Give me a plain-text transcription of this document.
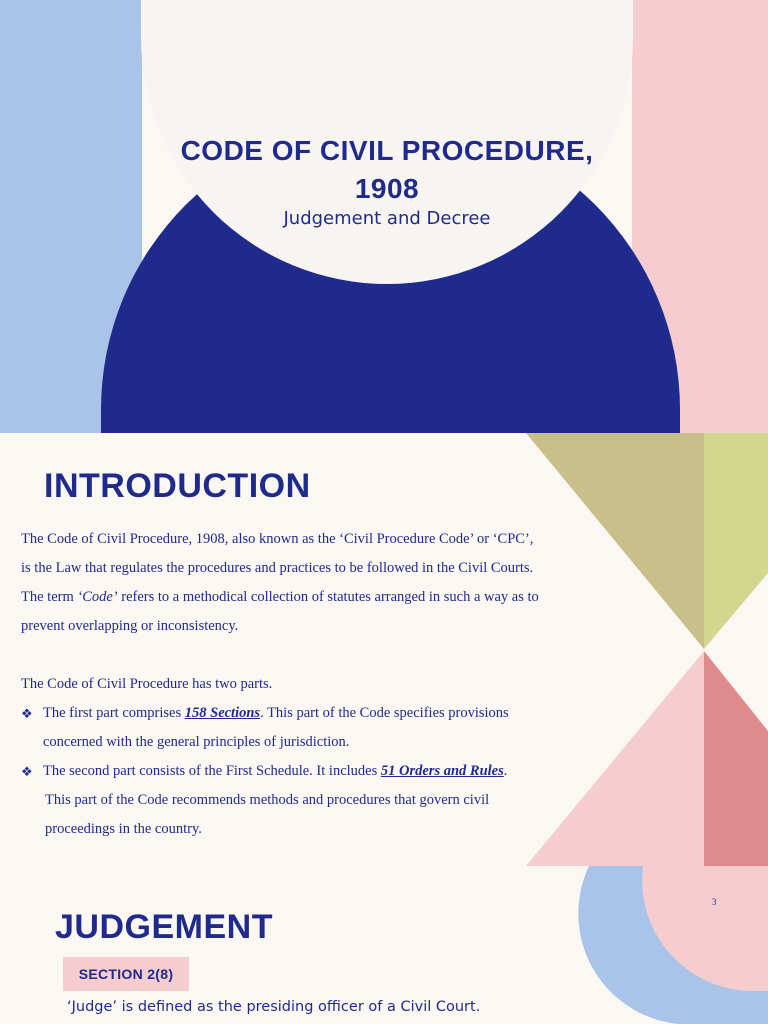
CODE OF CIVIL PROCEDURE,
1908
Judgement and Decree
INTRODUCTION

The Code of Civil Procedure, 1908, also known as the ‘Civil Procedure Code’ or ‘CPC’,

is the Law that regulates the procedures and practices to be followed in the Civil Courts.

The term ‘Code’ refers to a methodical collection of statutes arranged in such a way as to

prevent overlapping or inconsistency.

The Code of Civil Procedure has two parts.

❖ The first part comprises 158 Sections. This part of the Code specifies provisions

concerned with the general principles of jurisdiction.

❖ The second part consists of the First Schedule. It includes 51 Orders and Rules.

This part of the Code recommends methods and procedures that govern civil

proceedings in the country.

3
JUDGEMENT
SECTION 2(8)
‘Judge’ is defined as the presiding officer of a Civil Court.
